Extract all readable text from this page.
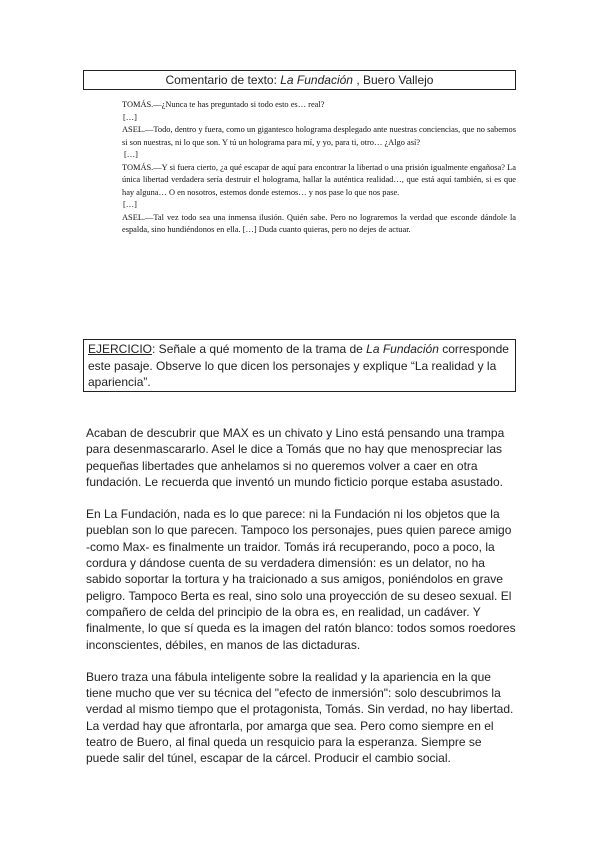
Comentario de texto: La Fundación , Buero Vallejo

TOMÁS.—¿Nunca te has preguntado si todo esto es… real?

[…]

ASEL.—Todo, dentro y fuera, como un gigantesco holograma desplegado ante nuestras conciencias, que no sabemos si son nuestras, ni lo que son. Y tú un holograma para mí, y yo, para ti, otro… ¿Algo así?

[…]

TOMÁS.—Y si fuera cierto, ¿a qué escapar de aquí para encontrar la libertad o una prisión igualmente engañosa? La única libertad verdadera sería destruir el holograma, hallar la auténtica realidad…, que está aquí también, si es que hay alguna… O en nosotros, estemos donde estemos… y nos pase lo que nos pase.

[…]

ASEL.—Tal vez todo sea una inmensa ilusión. Quién sabe. Pero no lograremos la verdad que esconde dándole la espalda, sino hundiéndonos en ella. […] Duda cuanto quieras, pero no dejes de actuar.

EJERCICIO: Señale a qué momento de la trama de La Fundación corresponde este pasaje. Observe lo que dicen los personajes y explique “La realidad y la apariencia”.

Acaban de descubrir que MAX es un chivato y Lino está pensando una trampa para desenmascararlo. Asel le dice a Tomás que no hay que menospreciar las pequeñas libertades que anhelamos si no queremos volver a caer en otra fundación. Le recuerda que inventó un mundo ficticio porque estaba asustado.

En La Fundación, nada es lo que parece: ni la Fundación ni los objetos que la pueblan son lo que parecen. Tampoco los personajes, pues quien parece amigo -como Max- es finalmente un traidor. Tomás irá recuperando, poco a poco, la cordura y dándose cuenta de su verdadera dimensión: es un delator, no ha sabido soportar la tortura y ha traicionado a sus amigos, poniéndolos en grave peligro. Tampoco Berta es real, sino solo una proyección de su deseo sexual. El compañero de celda del principio de la obra es, en realidad, un cadáver. Y finalmente, lo que sí queda es la imagen del ratón blanco: todos somos roedores inconscientes, débiles, en manos de las dictaduras.

Buero traza una fábula inteligente sobre la realidad y la apariencia en la que tiene mucho que ver su técnica del "efecto de inmersión": solo descubrimos la verdad al mismo tiempo que el protagonista, Tomás. Sin verdad, no hay libertad. La verdad hay que afrontarla, por amarga que sea. Pero como siempre en el teatro de Buero, al final queda un resquicio para la esperanza. Siempre se puede salir del túnel, escapar de la cárcel. Producir el cambio social.
